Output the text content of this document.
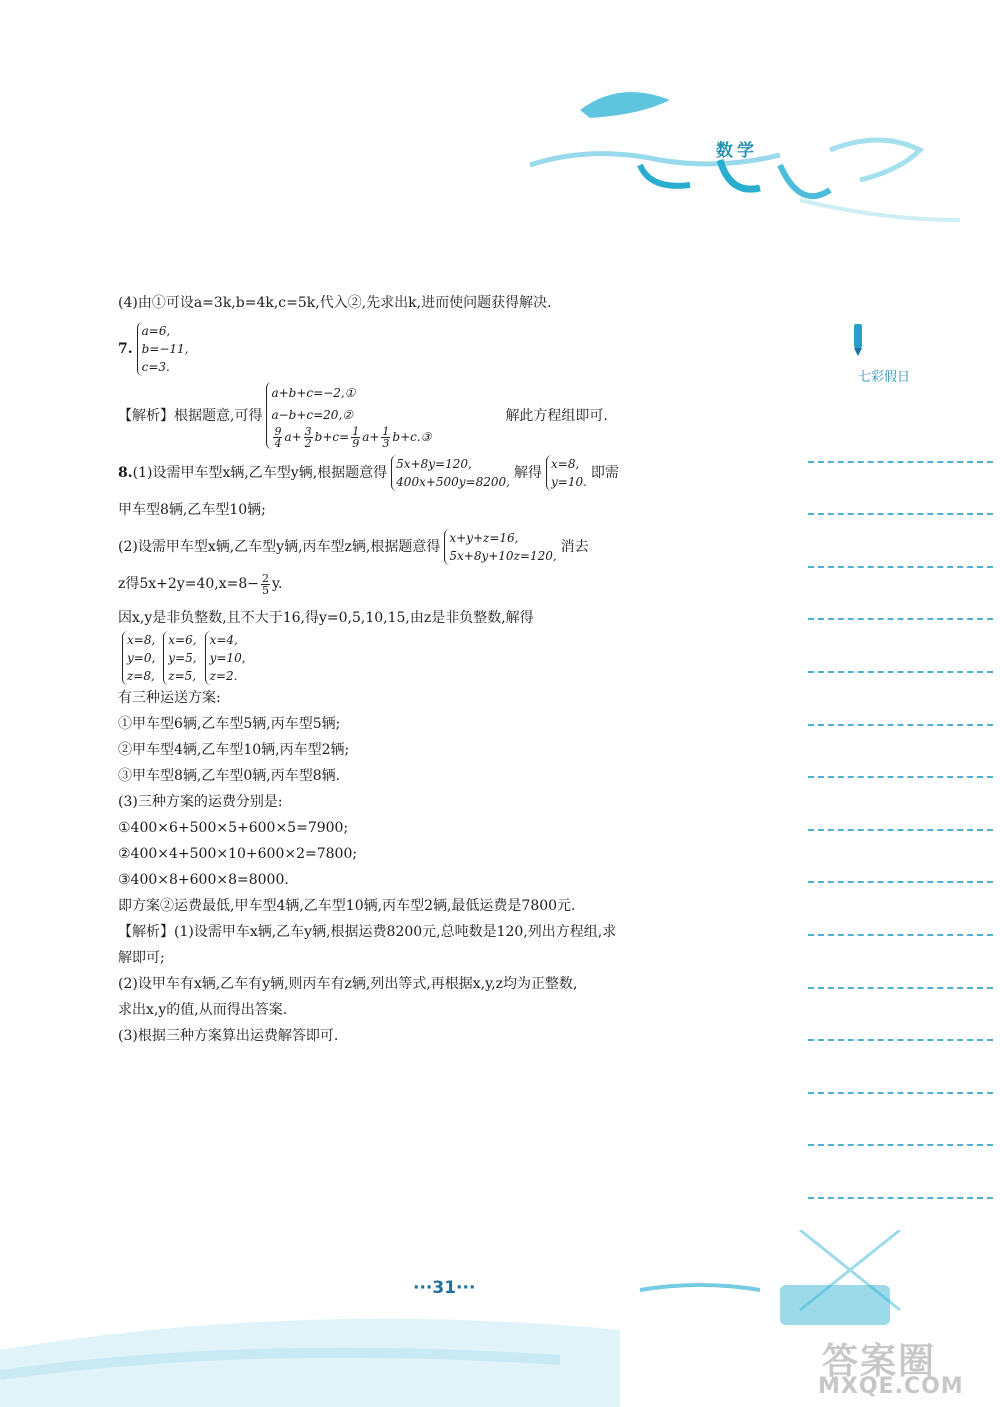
数学
七彩假日
(4)由①可设a=3k,b=4k,c=5k,代入②,先求出k,进而使问题获得解决.
7.
a=6,
b=−11,
c=3.
【解析】根据题意,可得
a+b+c=−2,①
a−b+c=20,②
$\frac{9}{4} a+ \frac{3}{2} b+c= \frac{1}{9} a+ \frac{1}{3}$ b+c.③
解此方程组即可.
8. (1)设需甲车型x辆,乙车型y辆,根据题意得
5x+8y=120,
400x+500y=8200,
解得
x=8,
y=10.
即需
甲车型8辆,乙车型10辆;
(2)设需甲车型x辆,乙车型y辆,丙车型z辆,根据题意得
x+y+z=16,
5x+8y+10z=120,
消去
z得$5x+2y=40,x=8- \frac{2}{5} y$.
因x,y是非负整数,且不大于16,得y=0,5,10,15,由z是非负整数,解得
x=8,
y=0,
z=8,
x=6,
y=5,
z=5,
x=4,
y=10,
z=2.
有三种运送方案:
①甲车型6辆,乙车型5辆,丙车型5辆;
②甲车型4辆,乙车型10辆,丙车型2辆;
③甲车型8辆,乙车型0辆,丙车型8辆.
(3)三种方案的运费分别是:
①400×6+500×5+600×5=7900;
②400×4+500×10+600×2=7800;
③400×8+600×8=8000.
即方案②运费最低,甲车型4辆,乙车型10辆,丙车型2辆,最低运费是7800元.
【解析】(1)设需甲车x辆,乙车y辆,根据运费8200元,总吨数是120,列出方程组,求
解即可;
(2)设甲车有x辆,乙车有y辆,则丙车有z辆,列出等式,再根据x,y,z均为正整数,
求出x,y的值,从而得出答案.
(3)根据三种方案算出运费解答即可.
···31···
答案圈
MXQE.COM
